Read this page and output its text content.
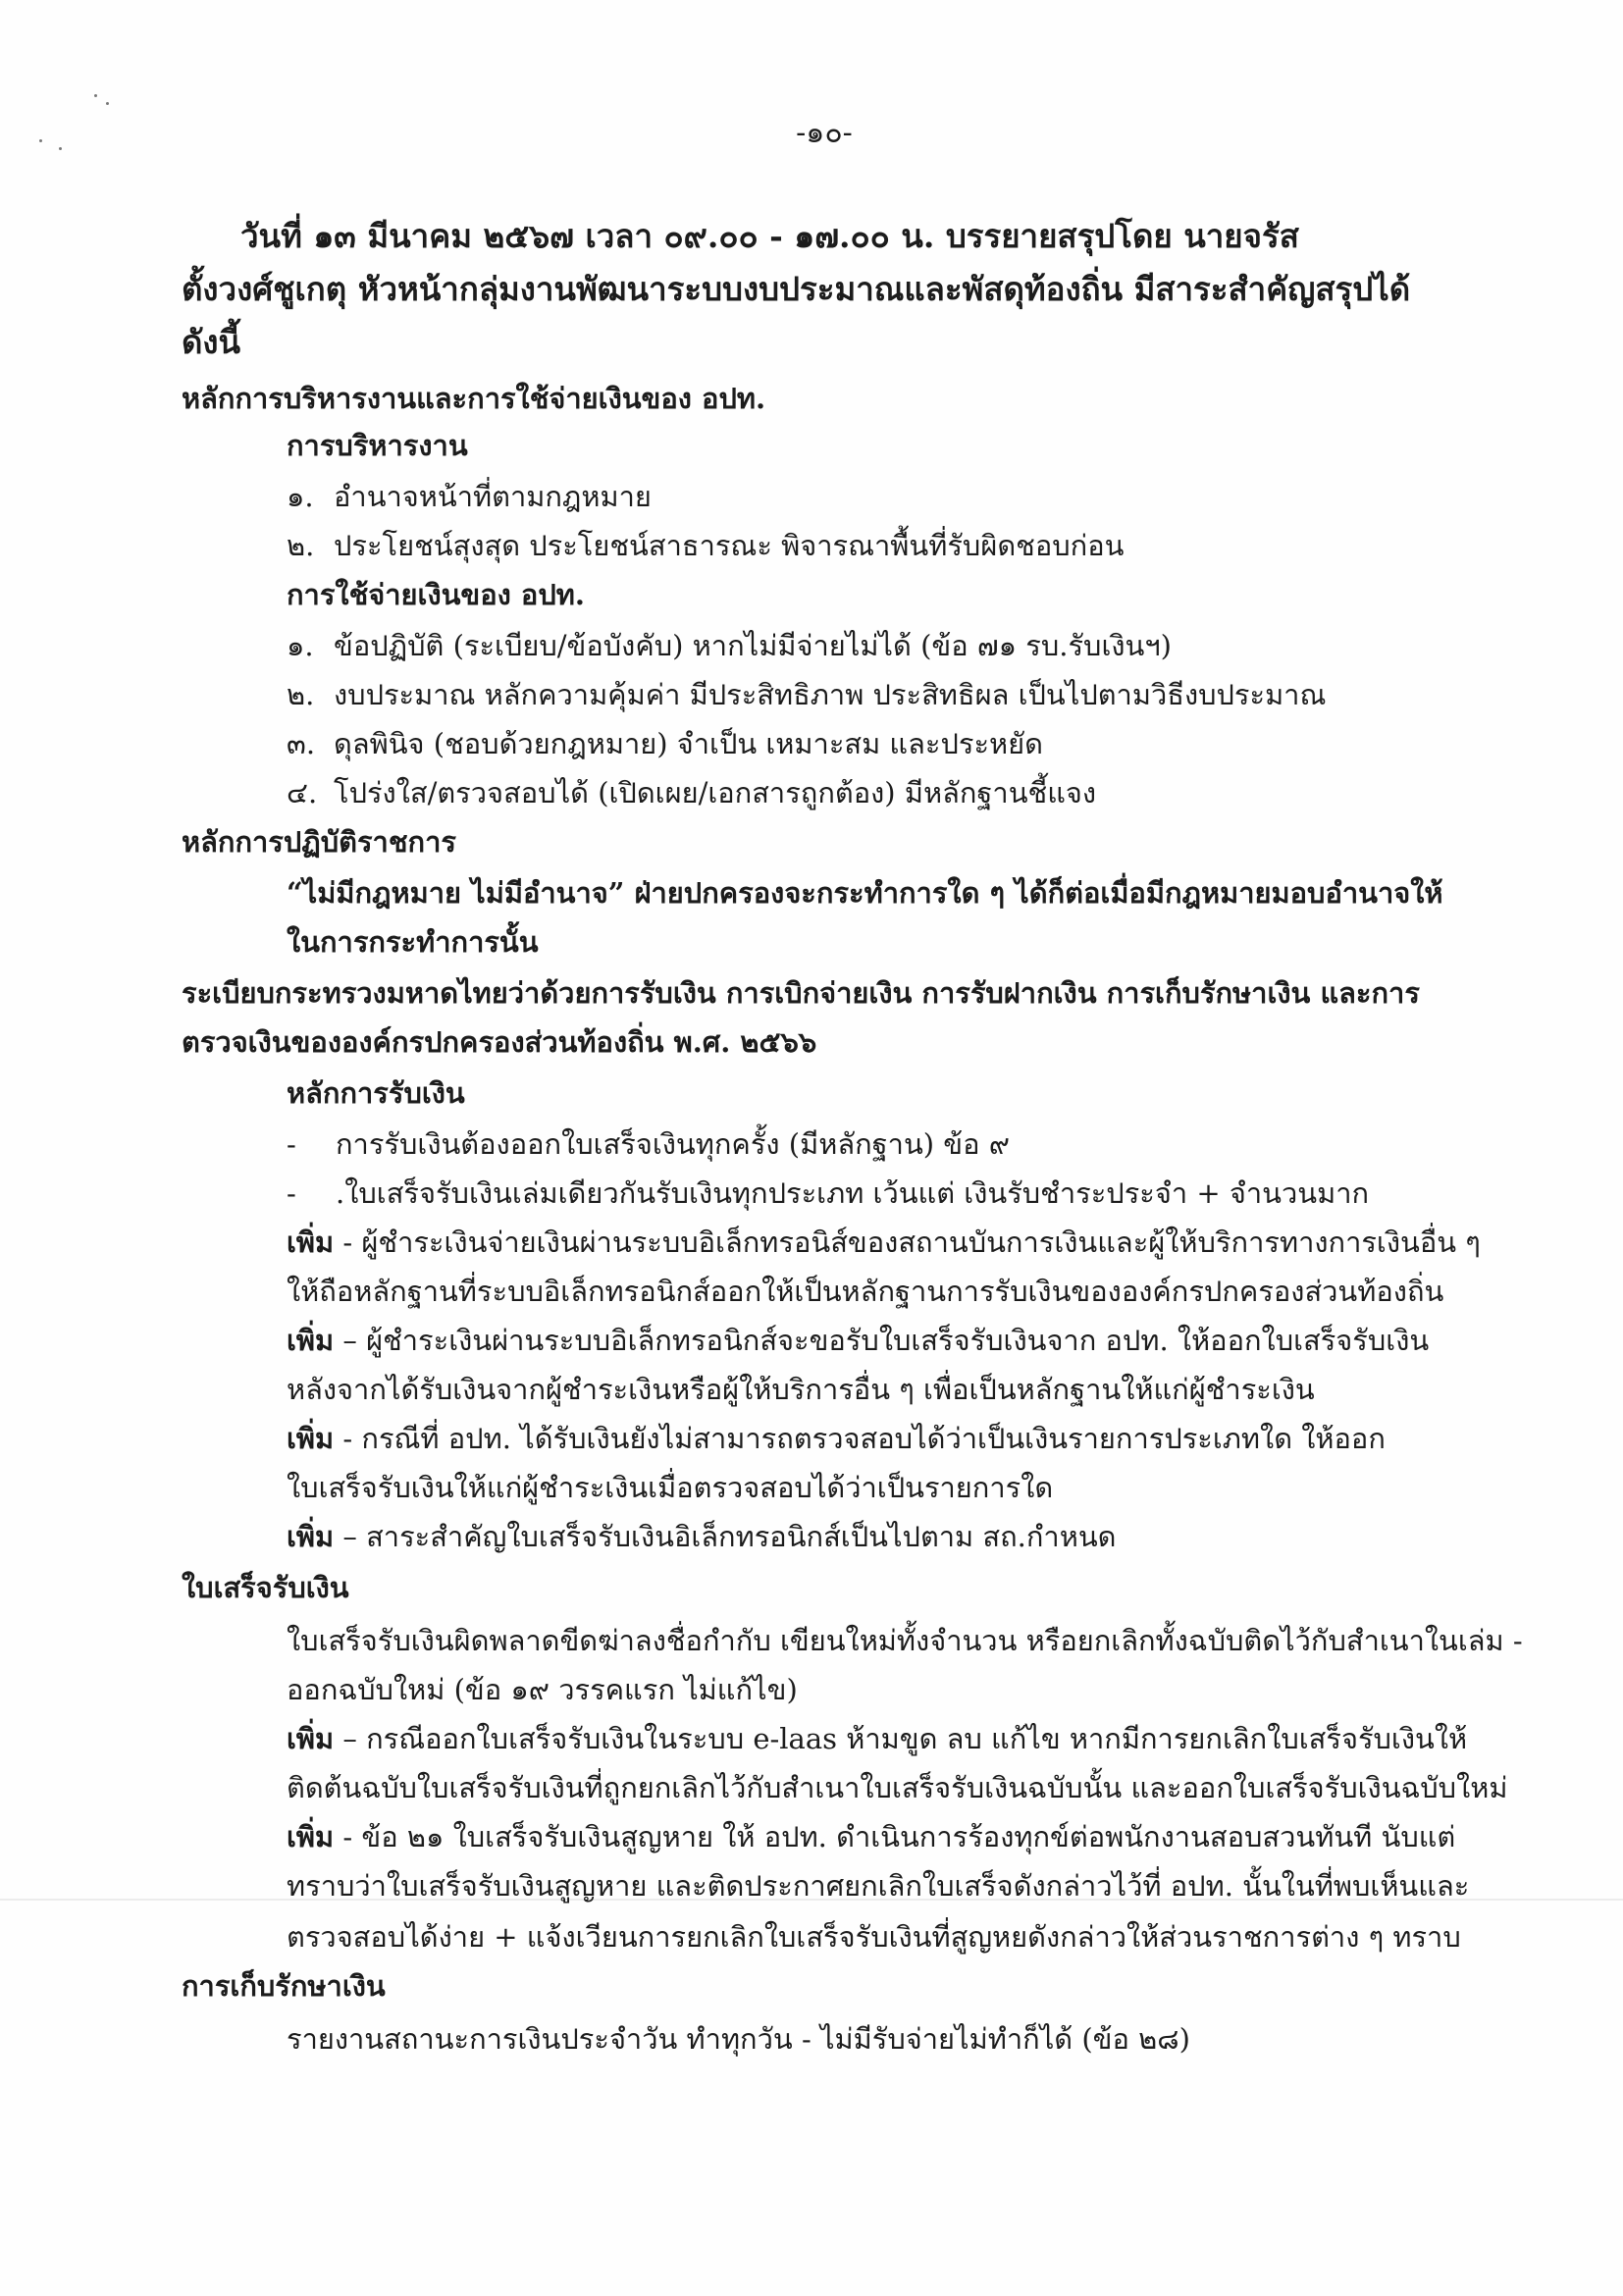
-๑๐-
วันที่ ๑๓ มีนาคม ๒๕๖๗ เวลา ๐๙.๐๐ - ๑๗.๐๐ น. บรรยายสรุปโดย นายจรัส
ตั้งวงศ์ชูเกตุ หัวหน้ากลุ่มงานพัฒนาระบบงบประมาณและพัสดุท้องถิ่น มีสาระสำคัญสรุปได้
ดังนี้
หลักการบริหารงานและการใช้จ่ายเงินของ อปท.
การบริหารงาน
๑. อำนาจหน้าที่ตามกฎหมาย
๒. ประโยชน์สุงสุด ประโยชน์สาธารณะ พิจารณาพื้นที่รับผิดชอบก่อน
การใช้จ่ายเงินของ อปท.
๑. ข้อปฏิบัติ (ระเบียบ/ข้อบังคับ) หากไม่มีจ่ายไม่ได้ (ข้อ ๗๑ รบ.รับเงินฯ)
๒. งบประมาณ หลักความคุ้มค่า มีประสิทธิภาพ ประสิทธิผล เป็นไปตามวิธีงบประมาณ
๓. ดุลพินิจ (ชอบด้วยกฎหมาย) จำเป็น เหมาะสม และประหยัด
๔. โปร่งใส/ตรวจสอบได้ (เปิดเผย/เอกสารถูกต้อง) มีหลักฐานชี้แจง
หลักการปฏิบัติราชการ
“ไม่มีกฎหมาย ไม่มีอำนาจ” ฝ่ายปกครองจะกระทำการใด ๆ ได้ก็ต่อเมื่อมีกฎหมายมอบอำนาจให้
ในการกระทำการนั้น
ระเบียบกระทรวงมหาดไทยว่าด้วยการรับเงิน การเบิกจ่ายเงิน การรับฝากเงิน การเก็บรักษาเงิน และการ
ตรวจเงินขององค์กรปกครองส่วนท้องถิ่น พ.ศ. ๒๕๖๖
หลักการรับเงิน
- การรับเงินต้องออกใบเสร็จเงินทุกครั้ง (มีหลักฐาน) ข้อ ๙
- .ใบเสร็จรับเงินเล่มเดียวกันรับเงินทุกประเภท เว้นแต่ เงินรับชำระประจำ + จำนวนมาก
เพิ่ม - ผู้ชำระเงินจ่ายเงินผ่านระบบอิเล็กทรอนิส์ของสถานบันการเงินและผู้ให้บริการทางการเงินอื่น ๆ
ให้ถือหลักฐานที่ระบบอิเล็กทรอนิกส์ออกให้เป็นหลักฐานการรับเงินขององค์กรปกครองส่วนท้องถิ่น
เพิ่ม – ผู้ชำระเงินผ่านระบบอิเล็กทรอนิกส์จะขอรับใบเสร็จรับเงินจาก อปท. ให้ออกใบเสร็จรับเงิน
หลังจากได้รับเงินจากผู้ชำระเงินหรือผู้ให้บริการอื่น ๆ เพื่อเป็นหลักฐานให้แก่ผู้ชำระเงิน
เพิ่ม - กรณีที่ อปท. ได้รับเงินยังไม่สามารถตรวจสอบได้ว่าเป็นเงินรายการประเภทใด ให้ออก
ใบเสร็จรับเงินให้แก่ผู้ชำระเงินเมื่อตรวจสอบได้ว่าเป็นรายการใด
เพิ่ม – สาระสำคัญใบเสร็จรับเงินอิเล็กทรอนิกส์เป็นไปตาม สถ.กำหนด
ใบเสร็จรับเงิน
ใบเสร็จรับเงินผิดพลาดขีดฆ่าลงชื่อกำกับ เขียนใหม่ทั้งจำนวน หรือยกเลิกทั้งฉบับติดไว้กับสำเนาในเล่ม -
ออกฉบับใหม่ (ข้อ ๑๙ วรรคแรก ไม่แก้ไข)
เพิ่ม – กรณีออกใบเสร็จรับเงินในระบบ e-laas ห้ามขูด ลบ แก้ไข หากมีการยกเลิกใบเสร็จรับเงินให้
ติดต้นฉบับใบเสร็จรับเงินที่ถูกยกเลิกไว้กับสำเนาใบเสร็จรับเงินฉบับนั้น และออกใบเสร็จรับเงินฉบับใหม่
เพิ่ม - ข้อ ๒๑ ใบเสร็จรับเงินสูญหาย ให้ อปท. ดำเนินการร้องทุกข์ต่อพนักงานสอบสวนทันที นับแต่
ทราบว่าใบเสร็จรับเงินสูญหาย และติดประกาศยกเลิกใบเสร็จดังกล่าวไว้ที่ อปท. นั้นในที่พบเห็นและ
ตรวจสอบได้ง่าย + แจ้งเวียนการยกเลิกใบเสร็จรับเงินที่สูญหยดังกล่าวให้ส่วนราชการต่าง ๆ ทราบ
การเก็บรักษาเงิน
รายงานสถานะการเงินประจำวัน ทำทุกวัน - ไม่มีรับจ่ายไม่ทำก็ได้ (ข้อ ๒๘)
